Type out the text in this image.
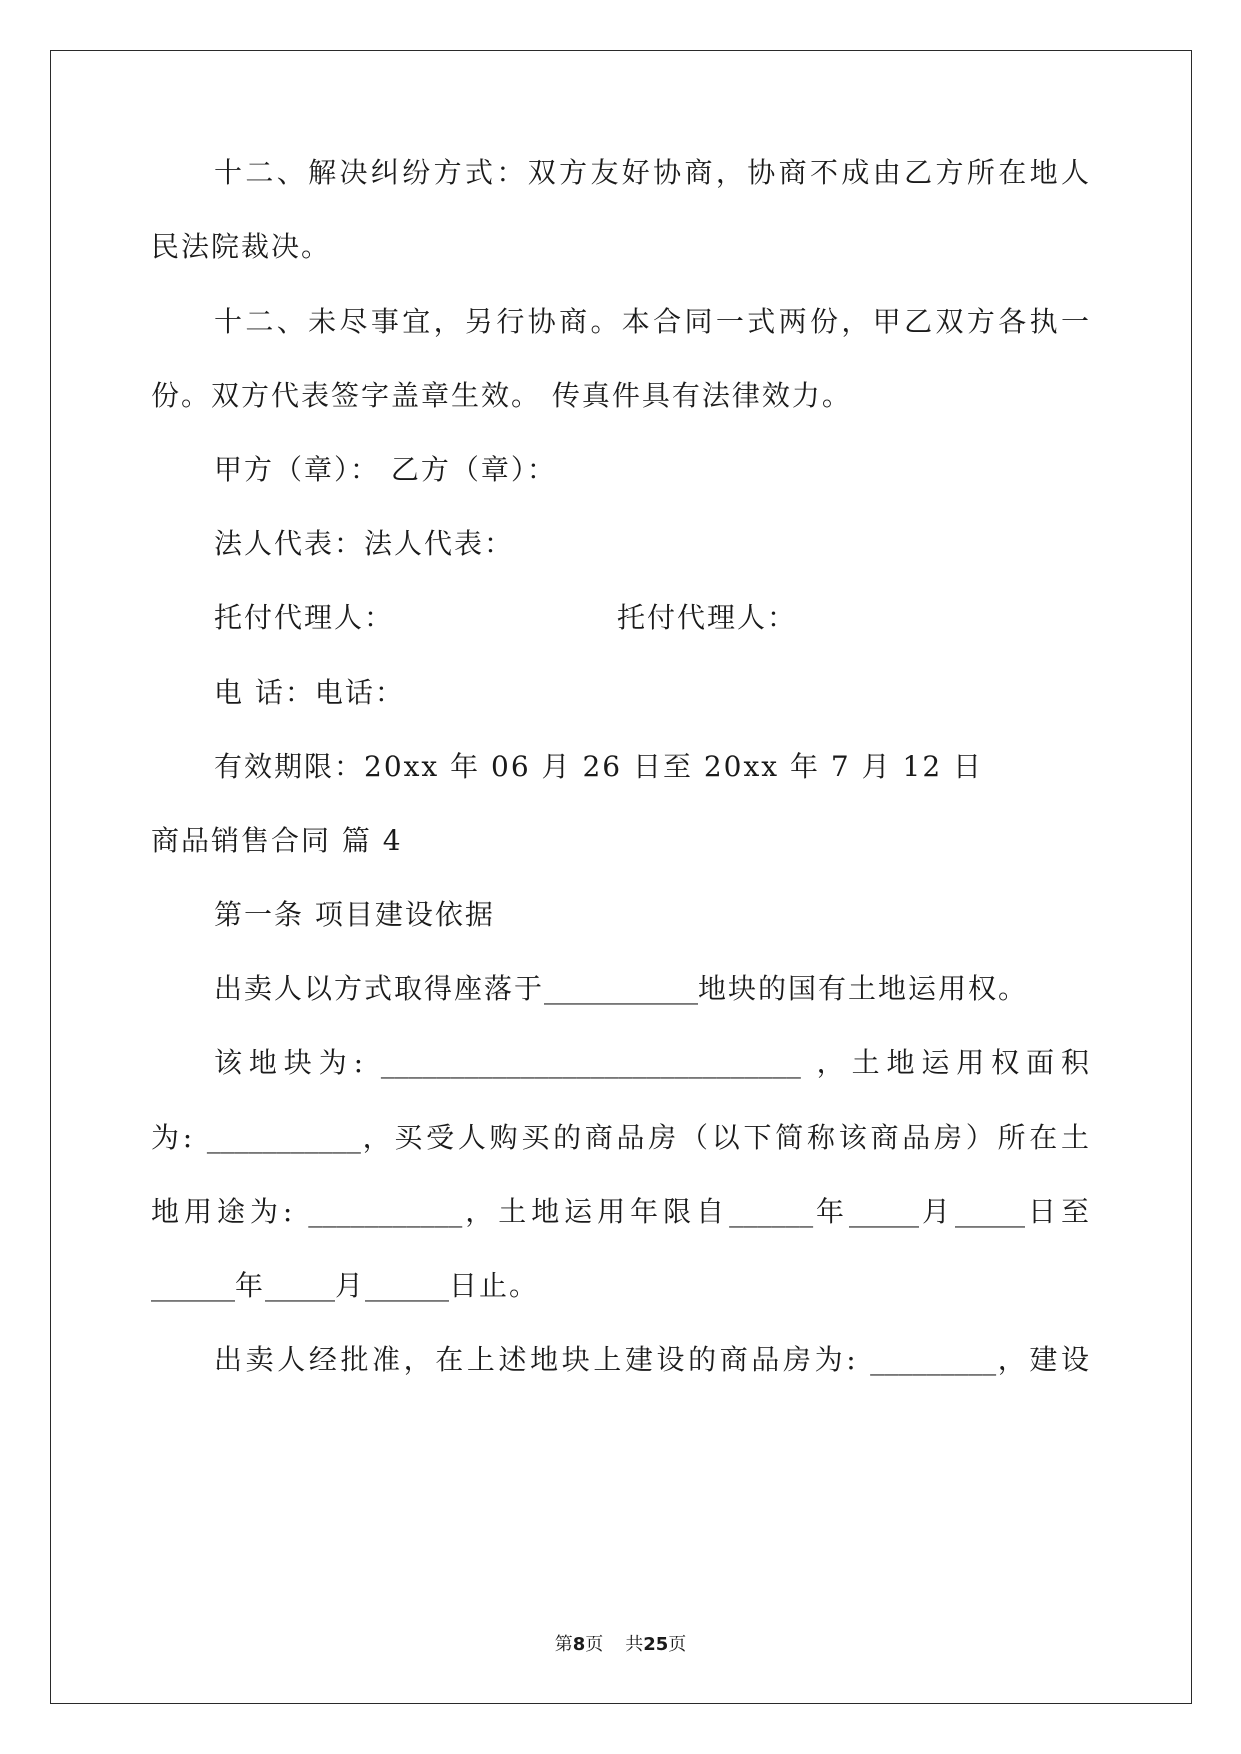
十二、解决纠纷方式：双方友好协商，协商不成由乙方所在地人
民法院裁决。
十二、未尽事宜，另行协商。本合同一式两份，甲乙双方各执一
份。双方代表签字盖章生效。 传真件具有法律效力。
甲方（章）： 乙方（章）：
法人代表：法人代表：
托付代理人：	托付代理人：
电 话：电话：
有效期限：20xx 年 06 月 26 日至 20xx 年 7 月 12 日
商品销售合同 篇 4
第一条 项目建设依据
出卖人以方式取得座落于___________地块的国有土地运用权。
该地块为: ______________________________ ，土地运用权面积
为: ___________，买受人购买的商品房（以下简称该商品房）所在土
地用途为: ___________，土地运用年限自______年_____月_____日至
______年_____月______日止。
出卖人经批准，在上述地块上建设的商品房为: _________，建设
第8页 共25页
